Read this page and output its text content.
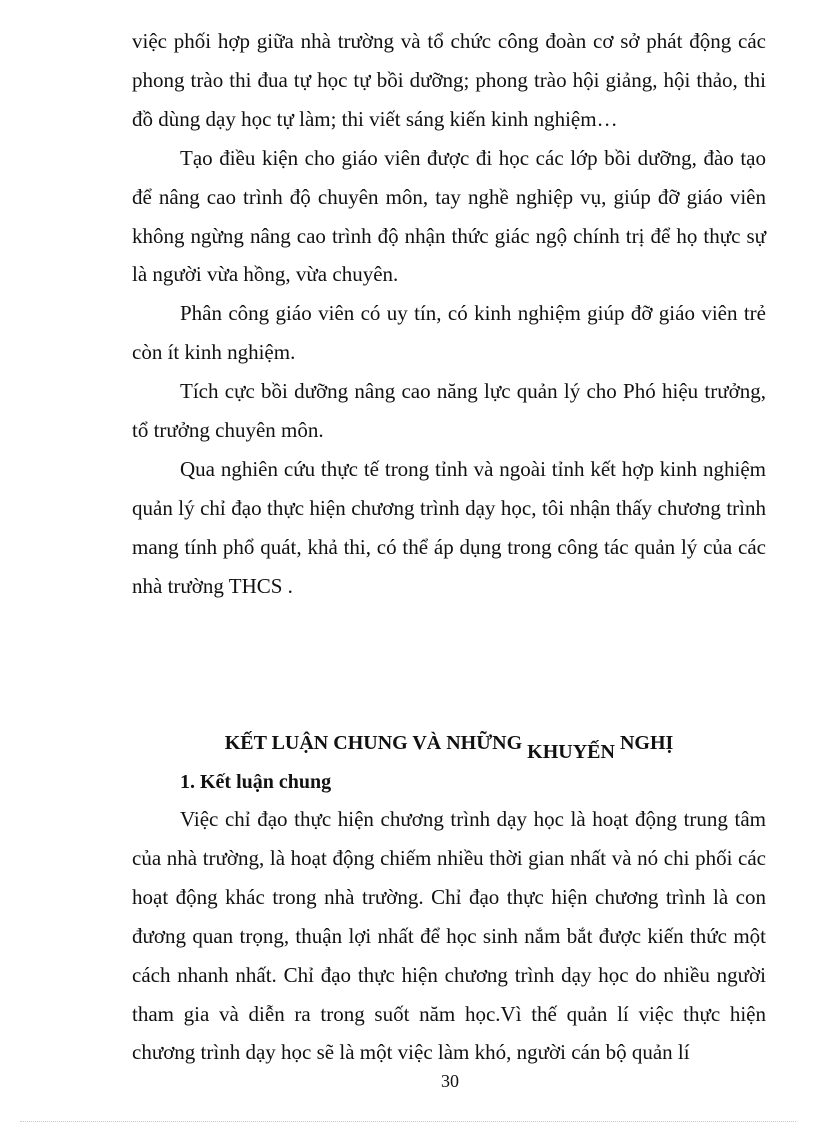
việc phối hợp giữa nhà trường và tổ chức công đoàn cơ sở phát động các phong trào thi đua tự học tự bồi dưỡng; phong trào hội giảng, hội thảo, thi đồ dùng dạy học tự làm; thi viết sáng kiến kinh nghiệm…

Tạo điều kiện cho giáo viên được đi học các lớp bồi dưỡng, đào tạo để nâng cao trình độ chuyên môn, tay nghề nghiệp vụ, giúp đỡ giáo viên không ngừng nâng cao trình độ nhận thức giác ngộ chính trị để họ thực sự là người vừa hồng, vừa chuyên.

Phân công giáo viên có uy tín, có kinh nghiệm giúp đỡ giáo viên trẻ còn ít kinh nghiệm.

Tích cực bồi dưỡng nâng cao năng lực quản lý cho Phó hiệu trưởng, tổ trưởng chuyên môn.

Qua nghiên cứu thực tế trong tỉnh và ngoài tỉnh kết hợp kinh nghiệm quản lý chỉ đạo thực hiện chương trình dạy học, tôi nhận thấy chương trình mang tính phổ quát, khả thi, có thể áp dụng trong công tác quản lý của các nhà trường THCS .

KẾT LUẬN CHUNG VÀ NHỮNG KHUYẾN NGHỊ
1. Kết luận chung

Việc chỉ đạo thực hiện chương trình dạy học là hoạt động trung tâm của nhà trường, là hoạt động chiếm nhiều thời gian nhất và nó chi phối các hoạt động khác trong nhà trường. Chỉ đạo thực hiện chương trình là con đương quan trọng, thuận lợi nhất để học sinh nắm bắt được kiến thức một cách nhanh nhất. Chỉ đạo thực hiện chương trình dạy học do nhiều người tham gia và diễn ra trong suốt năm học.Vì thế quản lí việc thực hiện chương trình dạy học sẽ là một việc làm khó, người cán bộ quản lí

30
